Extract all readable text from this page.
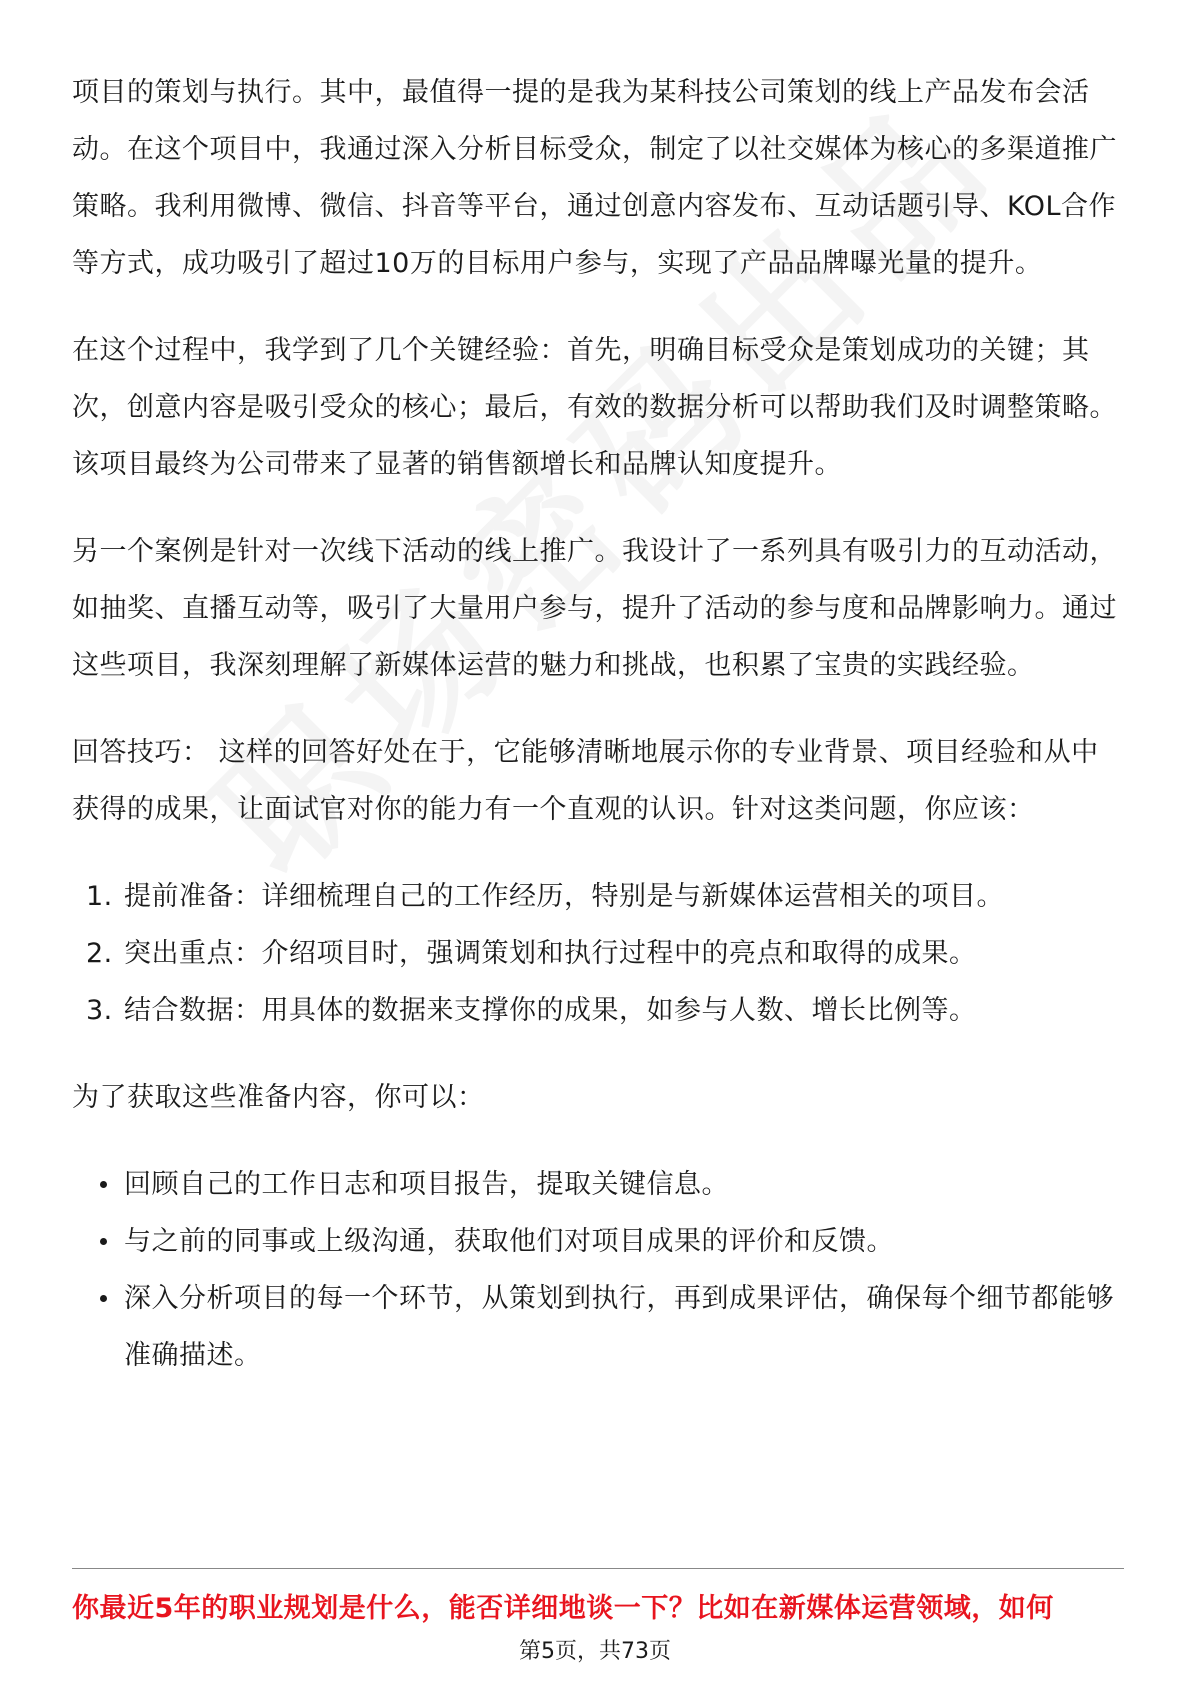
项目的策划与执行。其中，最值得一提的是我为某科技公司策划的线上产品发布会活动。在这个项目中，我通过深入分析目标受众，制定了以社交媒体为核心的多渠道推广策略。我利用微博、微信、抖音等平台，通过创意内容发布、互动话题引导、KOL合作等方式，成功吸引了超过10万的目标用户参与，实现了产品品牌曝光量的提升。

在这个过程中，我学到了几个关键经验：首先，明确目标受众是策划成功的关键；其次，创意内容是吸引受众的核心；最后，有效的数据分析可以帮助我们及时调整策略。该项目最终为公司带来了显著的销售额增长和品牌认知度提升。

另一个案例是针对一次线下活动的线上推广。我设计了一系列具有吸引力的互动活动，如抽奖、直播互动等，吸引了大量用户参与，提升了活动的参与度和品牌影响力。通过这些项目，我深刻理解了新媒体运营的魅力和挑战，也积累了宝贵的实践经验。

回答技巧： 这样的回答好处在于，它能够清晰地展示你的专业背景、项目经验和从中获得的成果，让面试官对你的能力有一个直观的认识。针对这类问题，你应该：

1. 提前准备：详细梳理自己的工作经历，特别是与新媒体运营相关的项目。
2. 突出重点：介绍项目时，强调策划和执行过程中的亮点和取得的成果。
3. 结合数据：用具体的数据来支撑你的成果，如参与人数、增长比例等。

为了获取这些准备内容，你可以：

回顾自己的工作日志和项目报告，提取关键信息。
与之前的同事或上级沟通，获取他们对项目成果的评价和反馈。
深入分析项目的每一个环节，从策划到执行，再到成果评估，确保每个细节都能够准确描述。
你最近5年的职业规划是什么，能否详细地谈一下？比如在新媒体运营领域，如何
第5页，共73页
